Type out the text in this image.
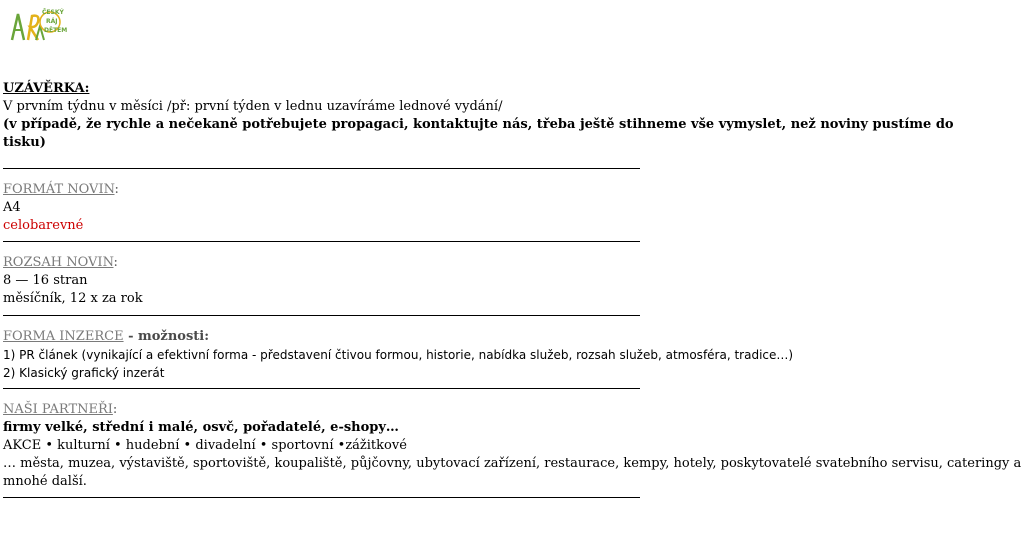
ČESKÝ
RÁJ
DĚTEM

UZÁVĚRKA:

V prvním týdnu v měsíci /př: první týden v lednu uzavíráme lednové vydání/

(v případě, že rychle a nečekaně potřebujete propagaci, kontaktujte nás, třeba ještě stihneme vše vymyslet, než noviny pustíme do

tisku)

FORMÁT NOVIN:

A4

celobarevné

ROZSAH NOVIN:

8 — 16 stran

měsíčník, 12 x za rok

FORMA INZERCE - možnosti:

1) PR článek (vynikající a efektivní forma - představení čtivou formou, historie, nabídka služeb, rozsah služeb, atmosféra, tradice…)

2) Klasický grafický inzerát

NAŠI PARTNEŘI:

firmy velké, střední i malé, osvč, pořadatelé, e-shopy…

AKCE • kulturní • hudební • divadelní • sportovní •zážitkové

… města, muzea, výstaviště, sportoviště, koupaliště, půjčovny, ubytovací zařízení, restaurace, kempy, hotely, poskytovatelé svatebního servisu, cateringy a

mnohé další.
